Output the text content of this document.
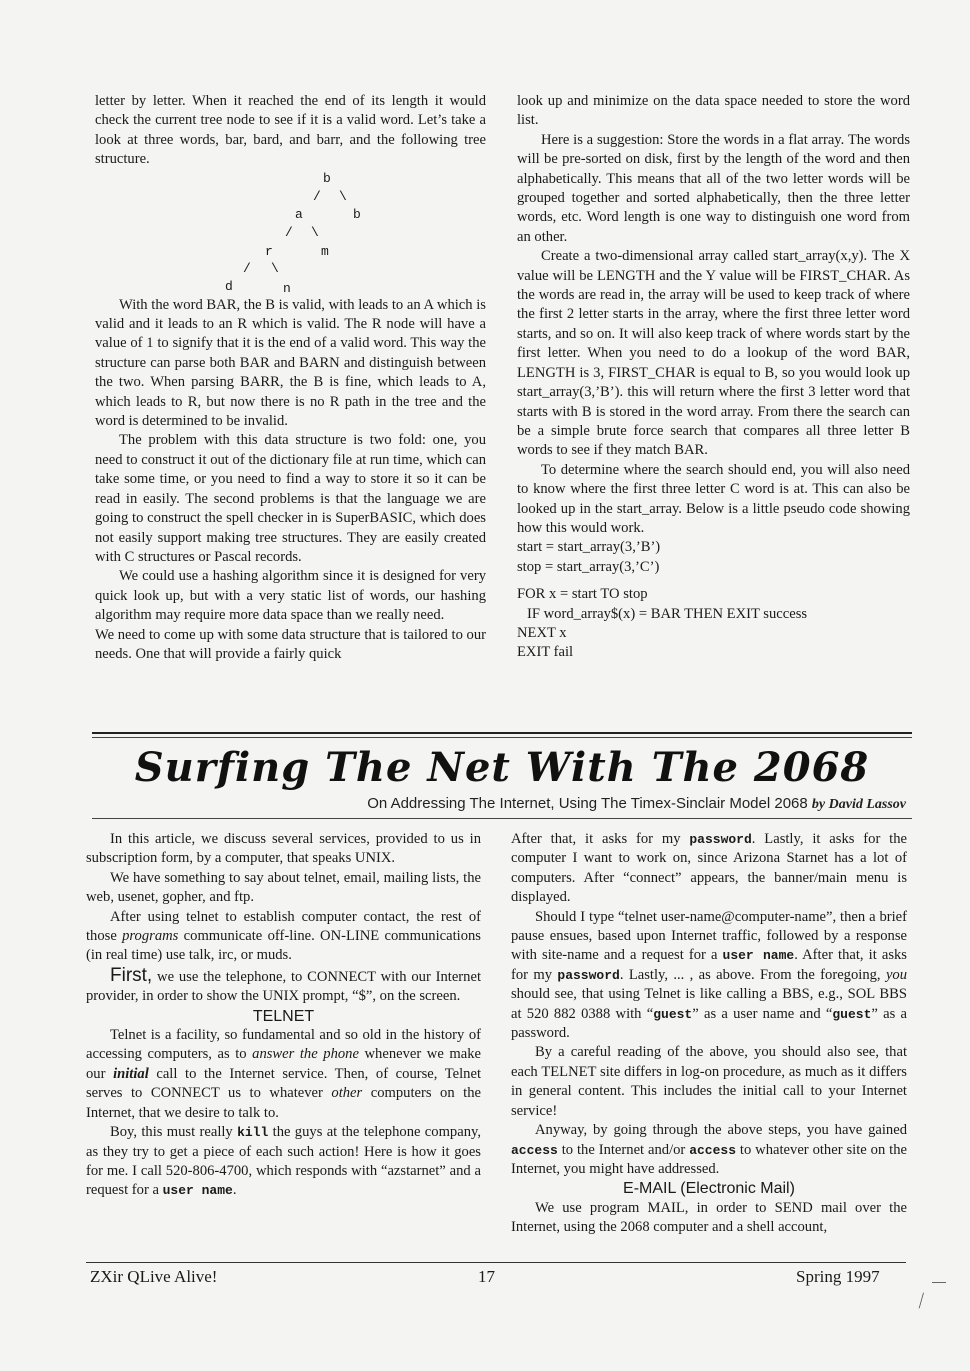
letter by letter. When it reached the end of its length it would check the current tree node to see if it is a valid word. Let’s take a look at three words, bar, bard, and barr, and the following tree structure.

b
/ \
a	b
/ \
r	m
/ \
d	n

With the word BAR, the B is valid, with leads to an A which is valid and it leads to an R which is valid. The R node will have a value of 1 to signify that it is the end of a valid word. This way the structure can parse both BAR and BARN and distinguish between the two. When parsing BARR, the B is fine, which leads to A, which leads to R, but now there is no R path in the tree and the word is determined to be invalid.

The problem with this data structure is two fold: one, you need to construct it out of the dictionary file at run time, which can take some time, or you need to find a way to store it so it can be read in easily. The second problems is that the language we are going to construct the spell checker in is SuperBASIC, which does not easily support making tree structures. They are easily created with C structures or Pascal records.

We could use a hashing algorithm since it is designed for very quick look up, but with a very static list of words, our hashing algorithm may require more data space than we really need.

We need to come up with some data structure that is tailored to our needs. One that will provide a fairly quick

look up and minimize on the data space needed to store the word list.

Here is a suggestion: Store the words in a flat array. The words will be pre-sorted on disk, first by the length of the word and then alphabetically. This means that all of the two letter words will be grouped together and sorted alphabetically, then the three letter words, etc. Word length is one way to distinguish one word from an other.

Create a two-dimensional array called start_array(x,y). The X value will be LENGTH and the Y value will be FIRST_CHAR. As the words are read in, the array will be used to keep track of where the first 2 letter starts in the array, where the first three letter word starts, and so on. It will also keep track of where words start by the first letter. When you need to do a lookup of the word BAR, LENGTH is 3, FIRST_CHAR is equal to B, so you would look up start_array(3,’B’). this will return where the first 3 letter word that starts with B is stored in the word array. From there the search can be a simple brute force search that compares all three letter B words to see if they match BAR.

To determine where the search should end, you will also need to know where the first three letter C word is at. This can also be looked up in the start_array. Below is a little pseudo code showing how this would work.

start = start_array(3,’B’)

stop = start_array(3,’C’)

FOR x = start TO stop

IF word_array$(x) = BAR THEN EXIT success

NEXT x

EXIT fail

Surfing The Net With The 2068
On Addressing The Internet, Using The Timex-Sinclair Model 2068 by David Lassov

In this article, we discuss several services, provided to us in subscription form, by a computer, that speaks UNIX.

We have something to say about telnet, email, mailing lists, the web, usenet, gopher, and ftp.

After using telnet to establish computer contact, the rest of those programs communicate off-line. ON-LINE communications (in real time) use talk, irc, or muds.

First, we use the telephone, to CONNECT with our Internet provider, in order to show the UNIX prompt, “$”, on the screen.

TELNET

Telnet is a facility, so fundamental and so old in the history of accessing computers, as to answer the phone whenever we make our initial call to the Internet service. Then, of course, Telnet serves to CONNECT us to whatever other computers on the Internet, that we desire to talk to.

Boy, this must really kill the guys at the telephone company, as they try to get a piece of each such action! Here is how it goes for me. I call 520-806-4700, which responds with “azstarnet” and a request for a user name.

After that, it asks for my password. Lastly, it asks for the computer I want to work on, since Arizona Starnet has a lot of computers. After “connect” appears, the banner/main menu is displayed.

Should I type “telnet user-name@computer-name”, then a brief pause ensues, based upon Internet traffic, followed by a response with site-name and a request for a user name. After that, it asks for my password. Lastly, ... , as above. From the foregoing, you should see, that using Telnet is like calling a BBS, e.g., SOL BBS at 520 882 0388 with “guest” as a user name and “guest” as a password.

By a careful reading of the above, you should also see, that each TELNET site differs in log-on procedure, as much as it differs in general content. This includes the initial call to your Internet service!

Anyway, by going through the above steps, you have gained access to the Internet and/or access to whatever other site on the Internet, you might have addressed.

E-MAIL (Electronic Mail)

We use program MAIL, in order to SEND mail over the Internet, using the 2068 computer and a shell account,

ZXir QLive Alive!	17	Spring 1997
⁄
